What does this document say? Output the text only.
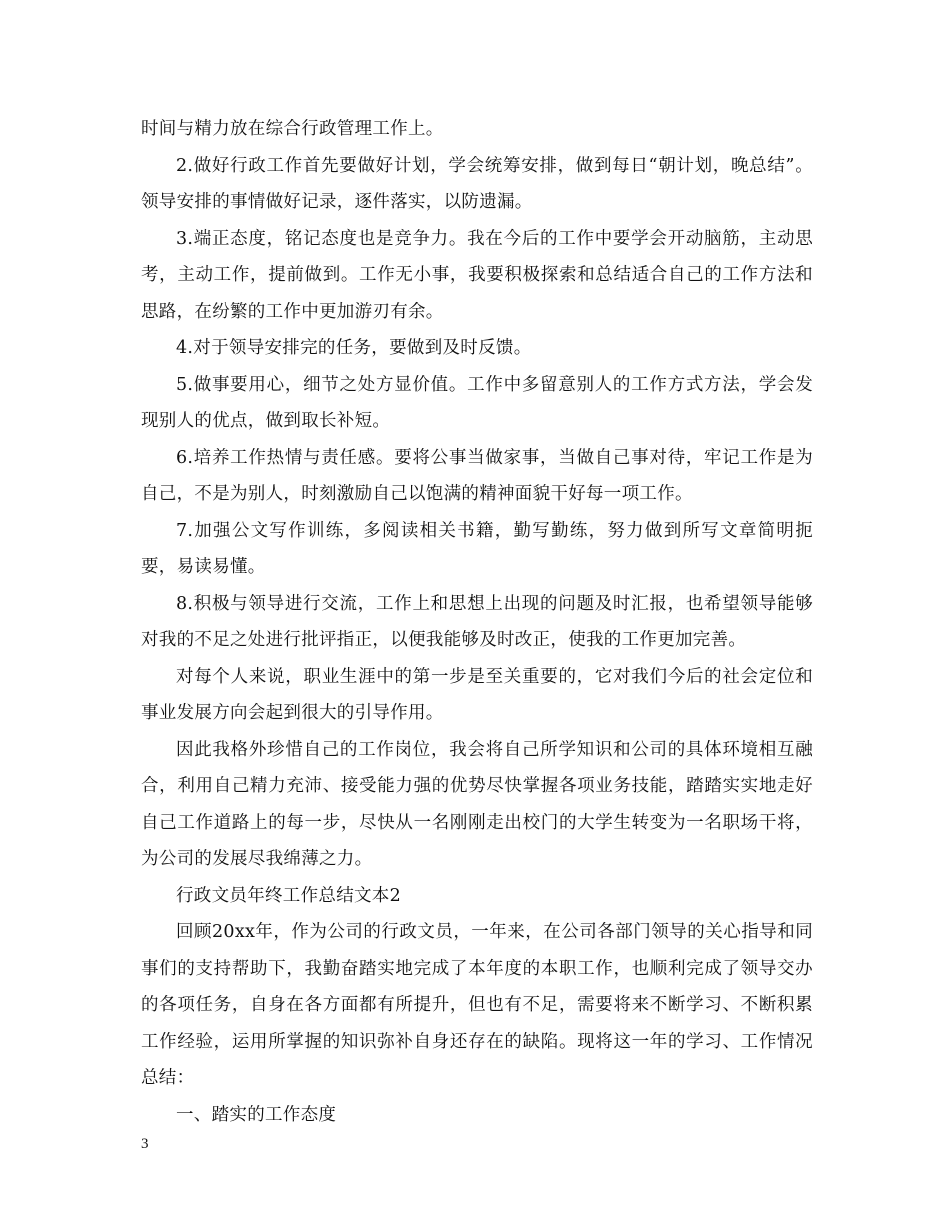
时间与精力放在综合行政管理工作上。

2.做好行政工作首先要做好计划，学会统筹安排，做到每日“朝计划，晚总结”。领导安排的事情做好记录，逐件落实，以防遗漏。

3.端正态度，铭记态度也是竞争力。我在今后的工作中要学会开动脑筋，主动思考，主动工作，提前做到。工作无小事，我要积极探索和总结适合自己的工作方法和思路，在纷繁的工作中更加游刃有余。

4.对于领导安排完的任务，要做到及时反馈。

5.做事要用心，细节之处方显价值。工作中多留意别人的工作方式方法，学会发现别人的优点，做到取长补短。

6.培养工作热情与责任感。要将公事当做家事，当做自己事对待，牢记工作是为自己，不是为别人，时刻激励自己以饱满的精神面貌干好每一项工作。

7.加强公文写作训练，多阅读相关书籍，勤写勤练，努力做到所写文章简明扼要，易读易懂。

8.积极与领导进行交流，工作上和思想上出现的问题及时汇报，也希望领导能够对我的不足之处进行批评指正，以便我能够及时改正，使我的工作更加完善。

对每个人来说，职业生涯中的第一步是至关重要的，它对我们今后的社会定位和事业发展方向会起到很大的引导作用。

因此我格外珍惜自己的工作岗位，我会将自己所学知识和公司的具体环境相互融合，利用自己精力充沛、接受能力强的优势尽快掌握各项业务技能，踏踏实实地走好自己工作道路上的每一步，尽快从一名刚刚走出校门的大学生转变为一名职场干将，为公司的发展尽我绵薄之力。

行政文员年终工作总结文本2

回顾20xx年，作为公司的行政文员，一年来，在公司各部门领导的关心指导和同事们的支持帮助下，我勤奋踏实地完成了本年度的本职工作，也顺利完成了领导交办的各项任务，自身在各方面都有所提升，但也有不足，需要将来不断学习、不断积累工作经验，运用所掌握的知识弥补自身还存在的缺陷。现将这一年的学习、工作情况总结：

一、踏实的工作态度

3
